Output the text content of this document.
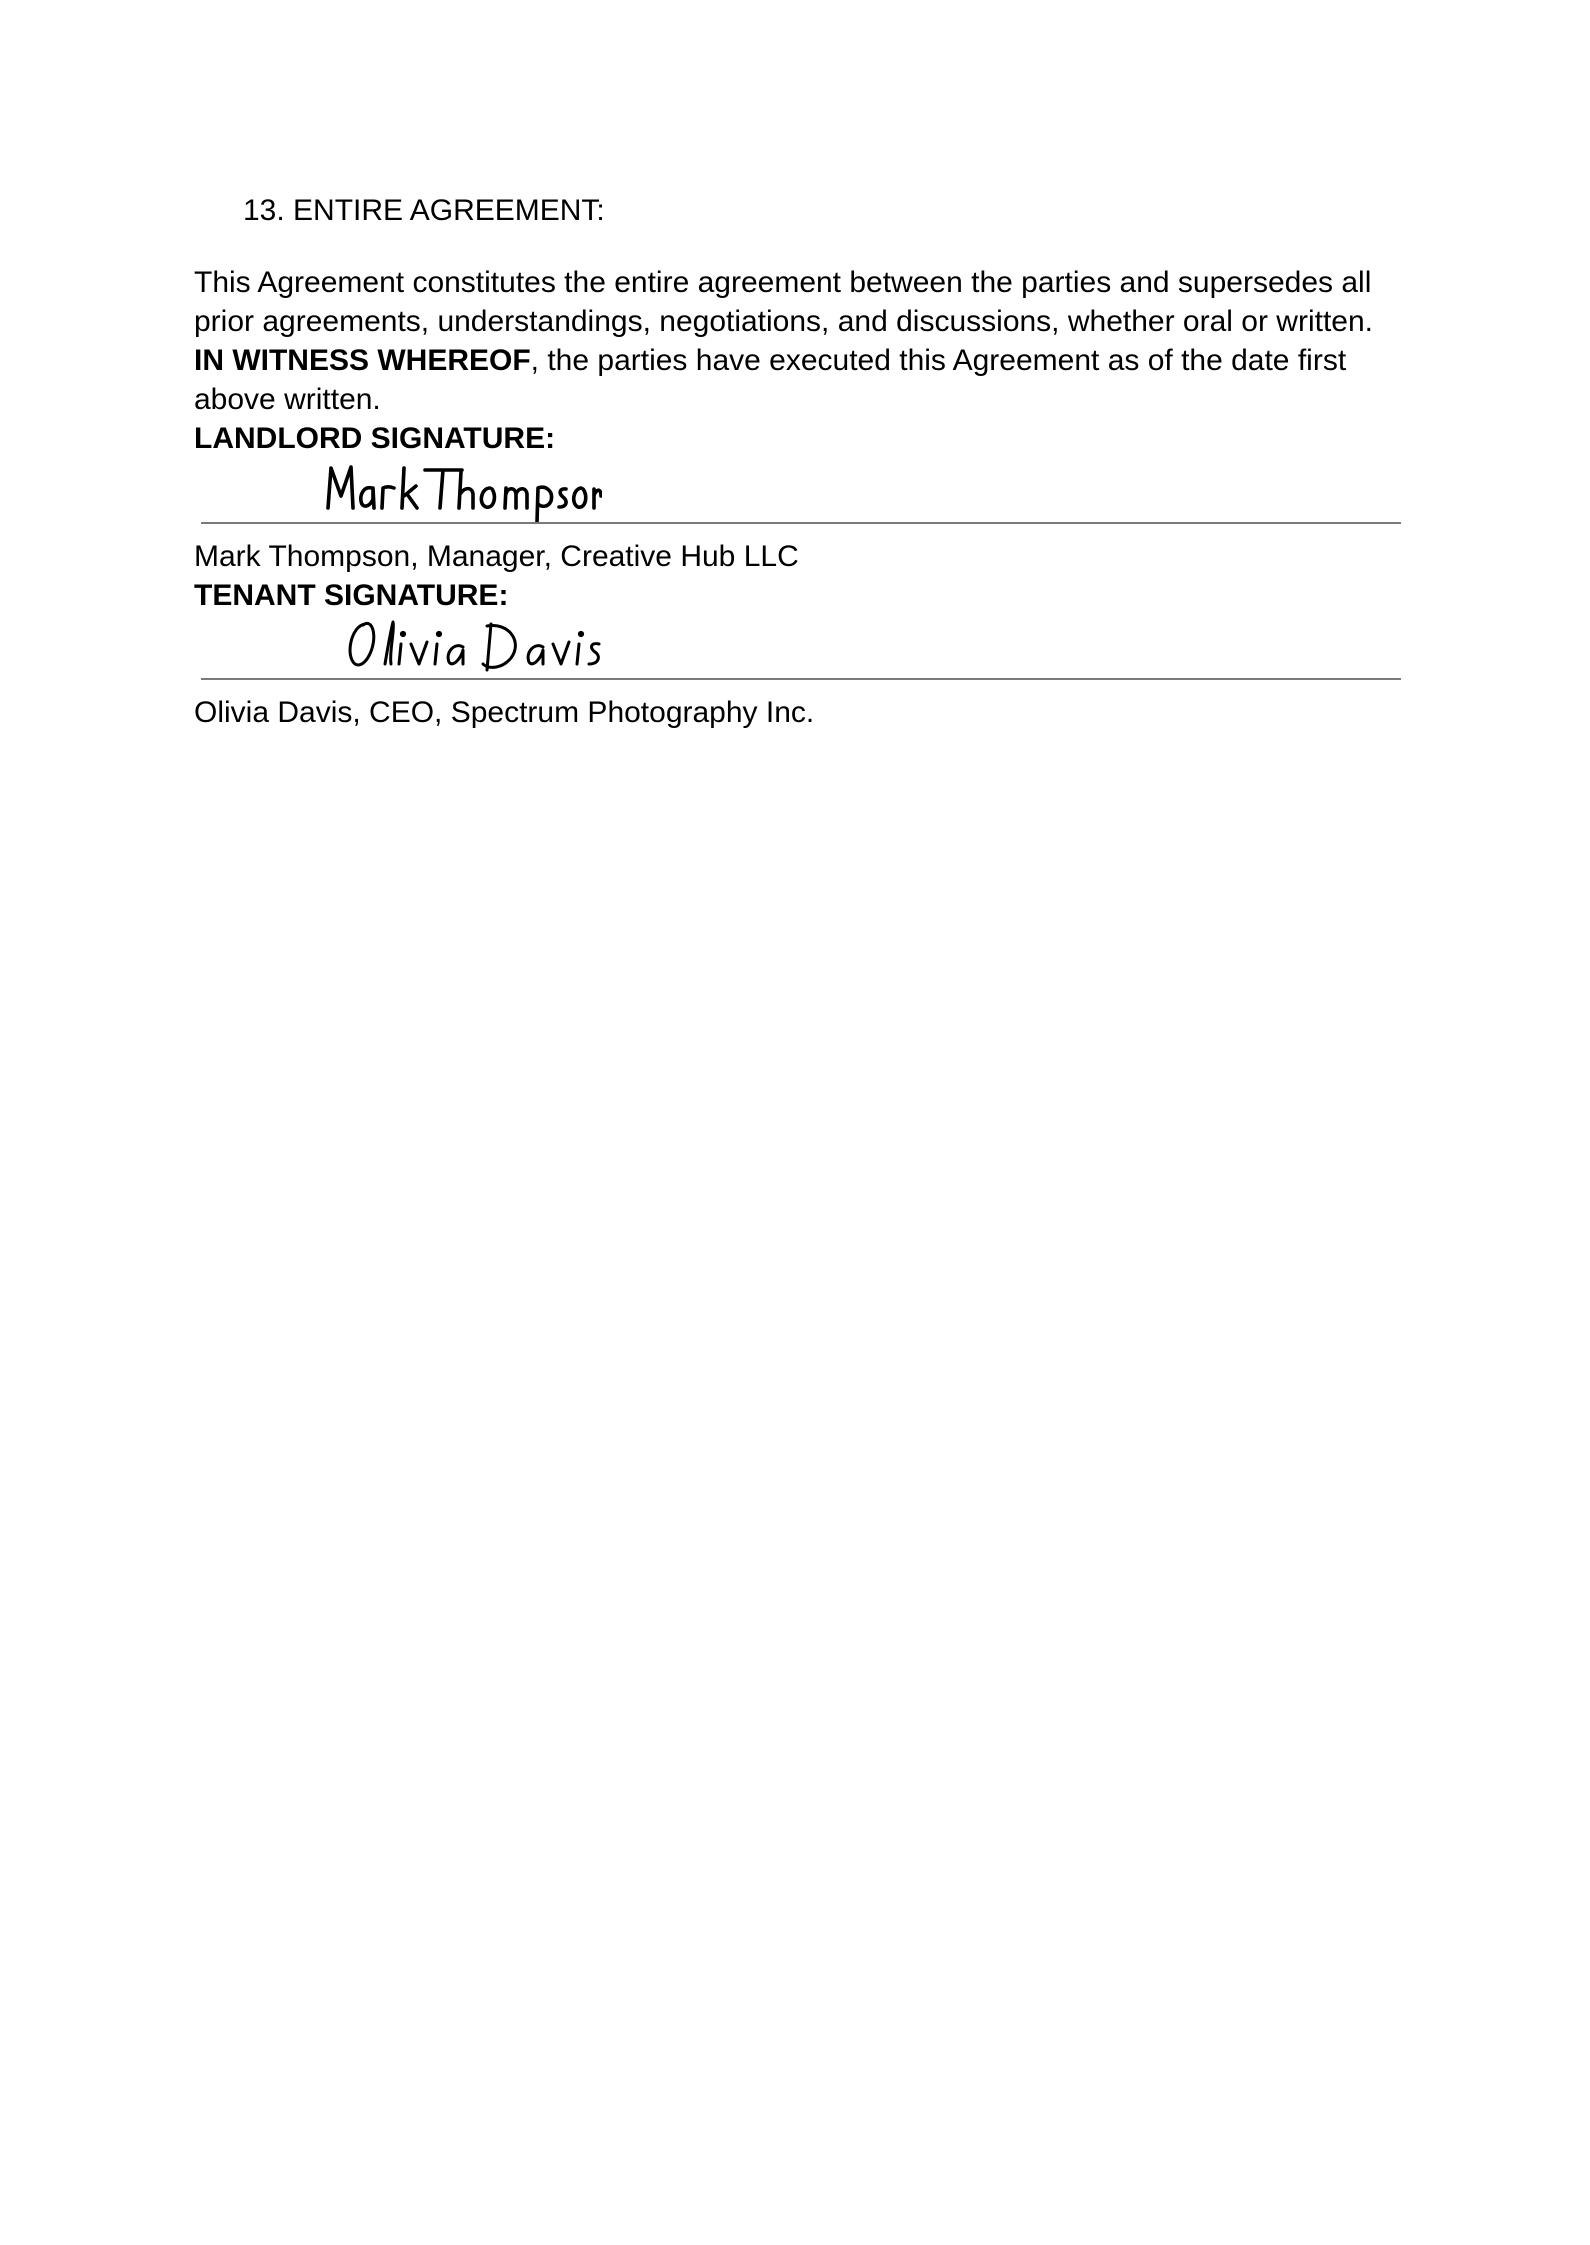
13. ENTIRE AGREEMENT:

This Agreement constitutes the entire agreement between the parties and supersedes all prior agreements, understandings, negotiations, and discussions, whether oral or written. IN WITNESS WHEREOF, the parties have executed this Agreement as of the date first above written.

LANDLORD SIGNATURE:

Mark Thompson, Manager, Creative Hub LLC

TENANT SIGNATURE:

Olivia Davis, CEO, Spectrum Photography Inc.
